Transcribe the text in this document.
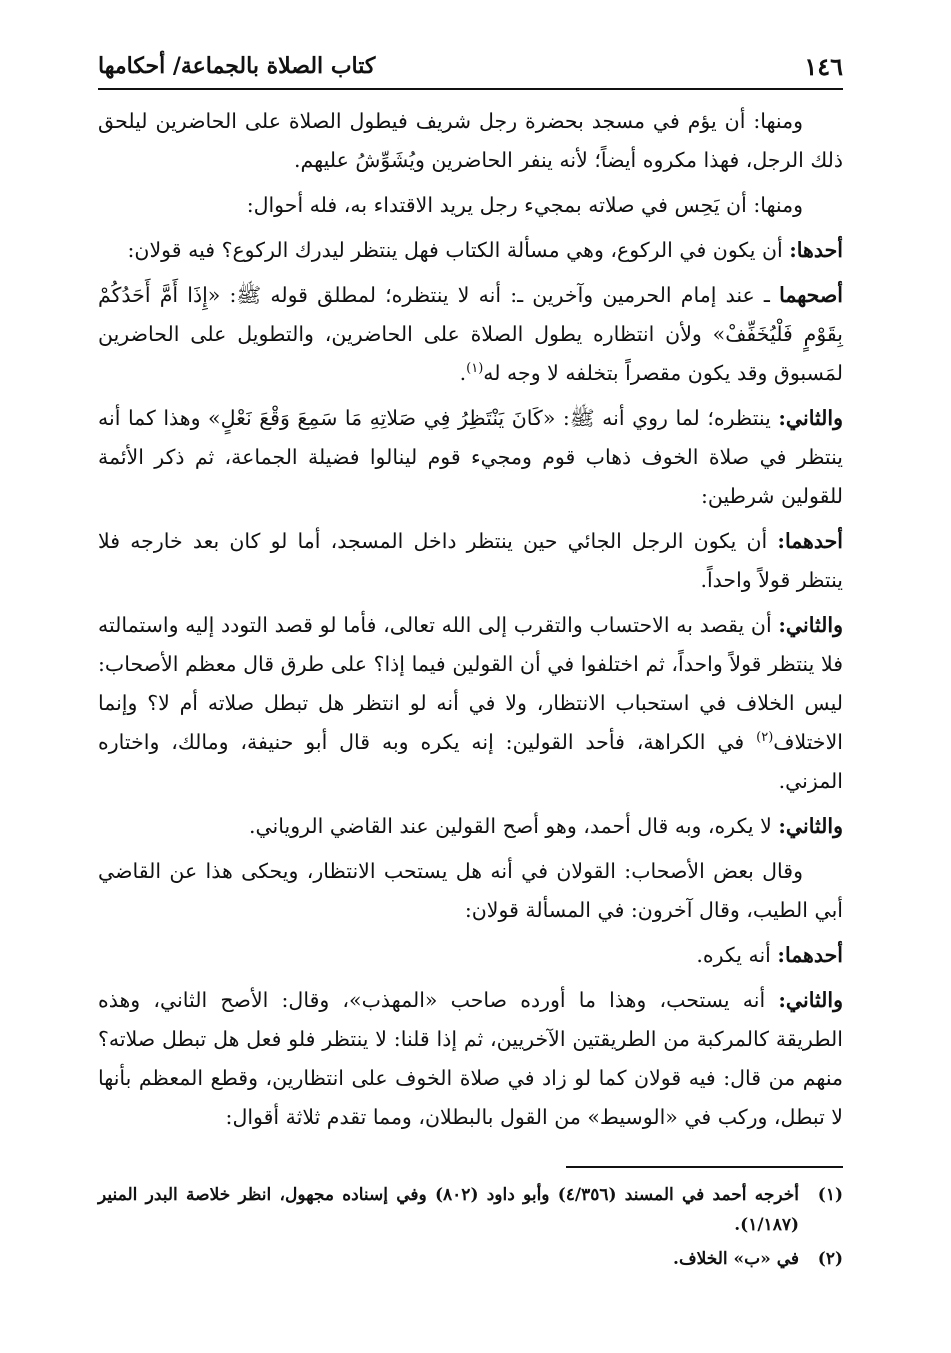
١٤٦
كتاب الصلاة بالجماعة/ أحكامها

ومنها: أن يؤم في مسجد بحضرة رجل شريف فيطول الصلاة على الحاضرين ليلحق ذلك الرجل، فهذا مكروه أيضاً؛ لأنه ينفر الحاضرين ويُشَوِّشُ عليهم.

ومنها: أن يَحِس في صلاته بمجيء رجل يريد الاقتداء به، فله أحوال:

أحدها: أن يكون في الركوع، وهي مسألة الكتاب فهل ينتظر ليدرك الركوع؟ فيه قولان:

أصحهما ـ عند إمام الحرمين وآخرين ـ: أنه لا ينتظره؛ لمطلق قوله ﷺ: «إِذَا أَمَّ أَحَدُكُمْ بِقَوْمٍ فَلْيُخَفِّفْ» ولأن انتظاره يطول الصلاة على الحاضرين، والتطويل على الحاضرين لمَسبوق وقد يكون مقصراً بتخلفه لا وجه له$^{(١)}$.

والثاني: ينتظره؛ لما روي أنه ﷺ: «كَانَ يَنْتَظِرُ فِي صَلاتِهِ مَا سَمِعَ وَقْعَ نَعْلٍ» وهذا كما أنه ينتظر في صلاة الخوف ذهاب قوم ومجيء قوم لينالوا فضيلة الجماعة، ثم ذكر الأئمة للقولين شرطين:

أحدهما: أن يكون الرجل الجائي حين ينتظر داخل المسجد، أما لو كان بعد خارجه فلا ينتظر قولاً واحداً.

والثاني: أن يقصد به الاحتساب والتقرب إلى الله تعالى، فأما لو قصد التودد إليه واستمالته فلا ينتظر قولاً واحداً، ثم اختلفوا في أن القولين فيما إذا؟ على طرق قال معظم الأصحاب: ليس الخلاف في استحباب الانتظار، ولا في أنه لو انتظر هل تبطل صلاته أم لا؟ وإنما الاختلاف$^{(٢)}$ في الكراهة، فأحد القولين: إنه يكره وبه قال أبو حنيفة، ومالك، واختاره المزني.

والثاني: لا يكره، وبه قال أحمد، وهو أصح القولين عند القاضي الروياني.

وقال بعض الأصحاب: القولان في أنه هل يستحب الانتظار، ويحكى هذا عن القاضي أبي الطيب، وقال آخرون: في المسألة قولان:

أحدهما: أنه يكره.

والثاني: أنه يستحب، وهذا ما أورده صاحب «المهذب»، وقال: الأصح الثاني، وهذه الطريقة كالمركبة من الطريقتين الآخريين، ثم إذا قلنا: لا ينتظر فلو فعل هل تبطل صلاته؟ منهم من قال: فيه قولان كما لو زاد في صلاة الخوف على انتظارين، وقطع المعظم بأنها لا تبطل، وركب في «الوسيط» من القول بالبطلان، ومما تقدم ثلاثة أقوال:

(١)
أخرجه أحمد في المسند (٤/٣٥٦) وأبو داود (٨٠٢) وفي إسناده مجهول، انظر خلاصة البدر المنير (١/١٨٧).
(٢)
في «ب» الخلاف.
